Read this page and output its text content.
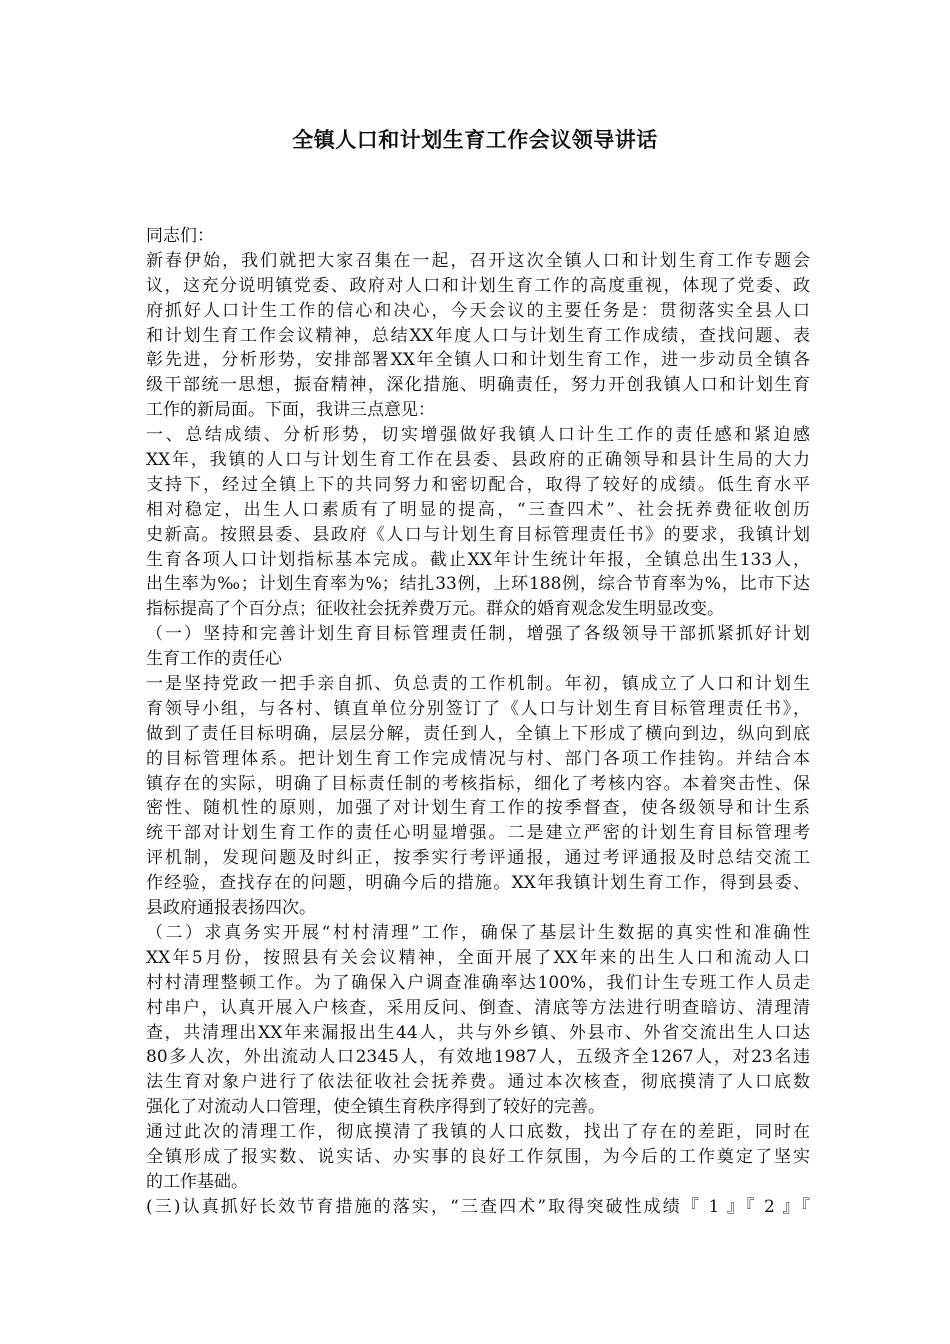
全镇人口和计划生育工作会议领导讲话
同志们：
新春伊始，我们就把大家召集在一起，召开这次全镇人口和计划生育工作专题会
议，这充分说明镇党委、政府对人口和计划生育工作的高度重视，体现了党委、政
府抓好人口计生工作的信心和决心，今天会议的主要任务是：贯彻落实全县人口
和计划生育工作会议精神，总结XX年度人口与计划生育工作成绩，查找问题、表
彰先进，分析形势，安排部署XX年全镇人口和计划生育工作，进一步动员全镇各
级干部统一思想，振奋精神，深化措施、明确责任，努力开创我镇人口和计划生育
工作的新局面。下面，我讲三点意见：
一、总结成绩、分析形势，切实增强做好我镇人口计生工作的责任感和紧迫感
XX年，我镇的人口与计划生育工作在县委、县政府的正确领导和县计生局的大力
支持下，经过全镇上下的共同努力和密切配合，取得了较好的成绩。低生育水平
相对稳定，出生人口素质有了明显的提高，“三查四术”、社会抚养费征收创历
史新高。按照县委、县政府《人口与计划生育目标管理责任书》的要求，我镇计划
生育各项人口计划指标基本完成。截止XX年计生统计年报，全镇总出生133人，
出生率为‰；计划生育率为%；结扎33例，上环188例，综合节育率为%，比市下达
指标提高了个百分点；征收社会抚养费万元。群众的婚育观念发生明显改变。
（一）坚持和完善计划生育目标管理责任制，增强了各级领导干部抓紧抓好计划
生育工作的责任心
一是坚持党政一把手亲自抓、负总责的工作机制。年初，镇成立了人口和计划生
育领导小组，与各村、镇直单位分别签订了《人口与计划生育目标管理责任书》，
做到了责任目标明确，层层分解，责任到人，全镇上下形成了横向到边，纵向到底
的目标管理体系。把计划生育工作完成情况与村、部门各项工作挂钩。并结合本
镇存在的实际，明确了目标责任制的考核指标，细化了考核内容。本着突击性、保
密性、随机性的原则，加强了对计划生育工作的按季督查，使各级领导和计生系
统干部对计划生育工作的责任心明显增强。二是建立严密的计划生育目标管理考
评机制，发现问题及时纠正，按季实行考评通报，通过考评通报及时总结交流工
作经验，查找存在的问题，明确今后的措施。XX年我镇计划生育工作，得到县委、
县政府通报表扬四次。
（二）求真务实开展“村村清理”工作，确保了基层计生数据的真实性和准确性
XX年5月份，按照县有关会议精神，全面开展了XX年来的出生人口和流动人口
村村清理整顿工作。为了确保入户调查准确率达100%，我们计生专班工作人员走
村串户，认真开展入户核查，采用反问、倒查、清底等方法进行明查暗访、清理清
查，共清理出XX年来漏报出生44人，共与外乡镇、外县市、外省交流出生人口达
80多人次，外出流动人口2345人，有效地1987人，五级齐全1267人，对23名违
法生育对象户进行了依法征收社会抚养费。通过本次核查，彻底摸清了人口底数
强化了对流动人口管理，使全镇生育秩序得到了较好的完善。
通过此次的清理工作，彻底摸清了我镇的人口底数，找出了存在的差距，同时在
全镇形成了报实数、说实话、办实事的良好工作氛围，为今后的工作奠定了坚实
的工作基础。
(三)认真抓好长效节育措施的落实，“三查四术”取得突破性成绩『 1 』『 2 』『
